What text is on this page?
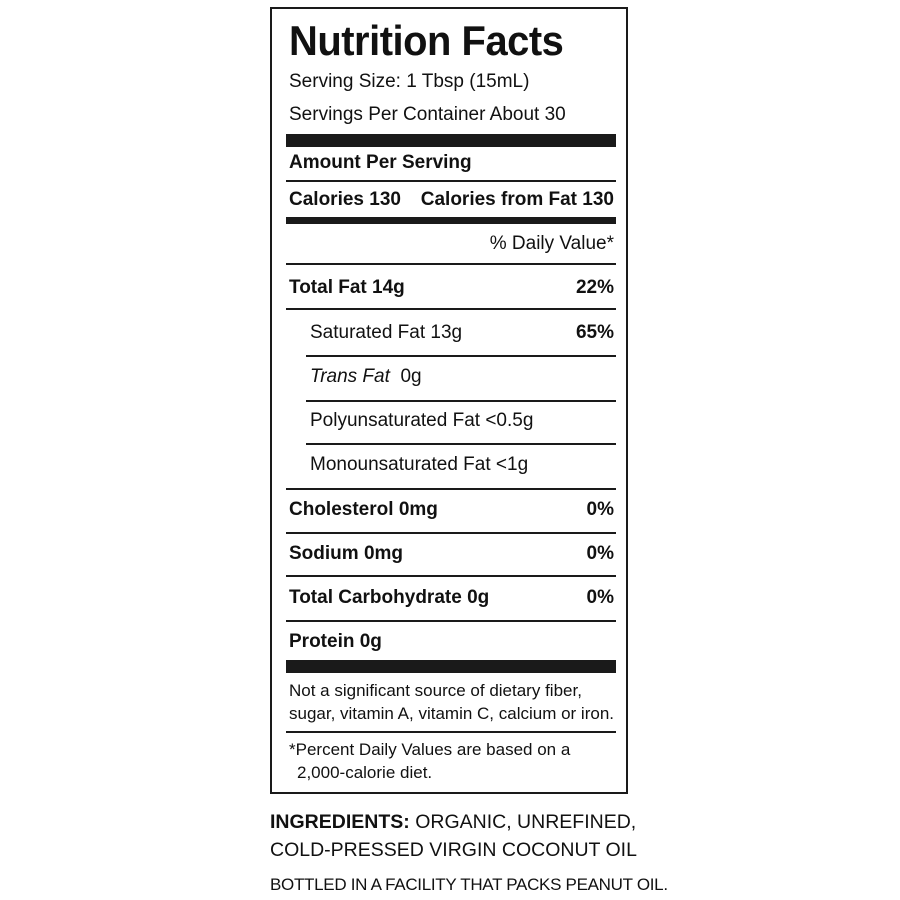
Nutrition Facts
Serving Size: 1 Tbsp (15mL)
Servings Per Container About 30
Amount Per Serving
Calories 130 Calories from Fat 130
% Daily Value*
Total Fat 14g	22%
Saturated Fat 13g	65%
Trans Fat 0g
Polyunsaturated Fat <0.5g
Monounsaturated Fat <1g
Cholesterol 0mg	0%
Sodium 0mg	0%
Total Carbohydrate 0g	0%
Protein 0g
Not a significant source of dietary fiber,
sugar, vitamin A, vitamin C, calcium or iron.
*Percent Daily Values are based on a
2,000-calorie diet.
INGREDIENTS: ORGANIC, UNREFINED,
COLD-PRESSED VIRGIN COCONUT OIL
BOTTLED IN A FACILITY THAT PACKS PEANUT OIL.
